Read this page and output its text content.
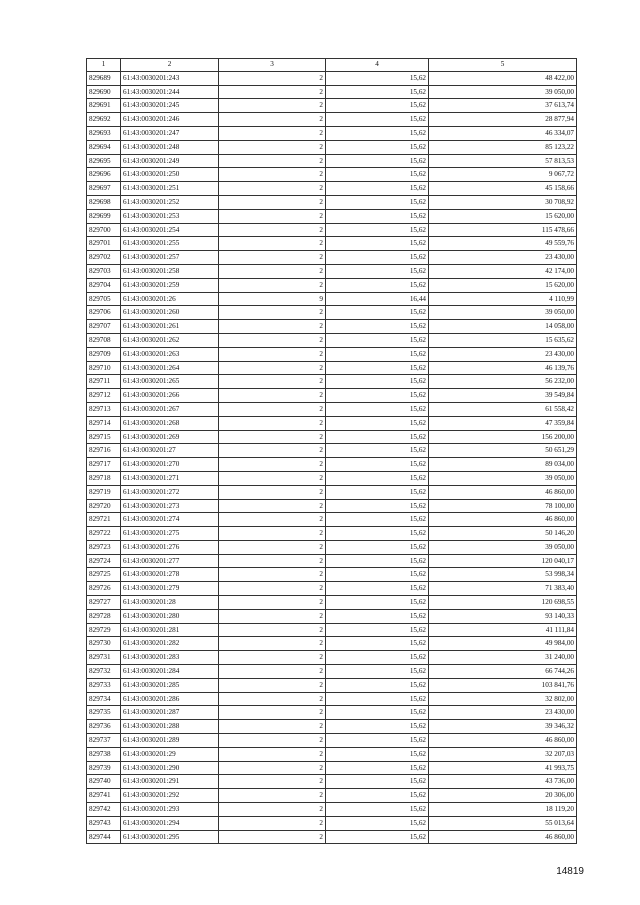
1	2	3	4	5
829689	61:43:0030201:243	2	15,62	48 422,00
829690	61:43:0030201:244	2	15,62	39 050,00
829691	61:43:0030201:245	2	15,62	37 613,74
829692	61:43:0030201:246	2	15,62	28 877,94
829693	61:43:0030201:247	2	15,62	46 334,07
829694	61:43:0030201:248	2	15,62	85 123,22
829695	61:43:0030201:249	2	15,62	57 813,53
829696	61:43:0030201:250	2	15,62	9 067,72
829697	61:43:0030201:251	2	15,62	45 158,66
829698	61:43:0030201:252	2	15,62	30 708,92
829699	61:43:0030201:253	2	15,62	15 620,00
829700	61:43:0030201:254	2	15,62	115 478,66
829701	61:43:0030201:255	2	15,62	49 559,76
829702	61:43:0030201:257	2	15,62	23 430,00
829703	61:43:0030201:258	2	15,62	42 174,00
829704	61:43:0030201:259	2	15,62	15 620,00
829705	61:43:0030201:26	9	16,44	4 110,99
829706	61:43:0030201:260	2	15,62	39 050,00
829707	61:43:0030201:261	2	15,62	14 058,00
829708	61:43:0030201:262	2	15,62	15 635,62
829709	61:43:0030201:263	2	15,62	23 430,00
829710	61:43:0030201:264	2	15,62	46 139,76
829711	61:43:0030201:265	2	15,62	56 232,00
829712	61:43:0030201:266	2	15,62	39 549,84
829713	61:43:0030201:267	2	15,62	61 558,42
829714	61:43:0030201:268	2	15,62	47 359,84
829715	61:43:0030201:269	2	15,62	156 200,00
829716	61:43:0030201:27	2	15,62	50 651,29
829717	61:43:0030201:270	2	15,62	89 034,00
829718	61:43:0030201:271	2	15,62	39 050,00
829719	61:43:0030201:272	2	15,62	46 860,00
829720	61:43:0030201:273	2	15,62	78 100,00
829721	61:43:0030201:274	2	15,62	46 860,00
829722	61:43:0030201:275	2	15,62	50 146,20
829723	61:43:0030201:276	2	15,62	39 050,00
829724	61:43:0030201:277	2	15,62	120 040,17
829725	61:43:0030201:278	2	15,62	53 998,34
829726	61:43:0030201:279	2	15,62	71 383,40
829727	61:43:0030201:28	2	15,62	120 698,55
829728	61:43:0030201:280	2	15,62	93 140,33
829729	61:43:0030201:281	2	15,62	41 111,84
829730	61:43:0030201:282	2	15,62	49 984,00
829731	61:43:0030201:283	2	15,62	31 240,00
829732	61:43:0030201:284	2	15,62	66 744,26
829733	61:43:0030201:285	2	15,62	103 841,76
829734	61:43:0030201:286	2	15,62	32 802,00
829735	61:43:0030201:287	2	15,62	23 430,00
829736	61:43:0030201:288	2	15,62	39 346,32
829737	61:43:0030201:289	2	15,62	46 860,00
829738	61:43:0030201:29	2	15,62	32 207,03
829739	61:43:0030201:290	2	15,62	41 993,75
829740	61:43:0030201:291	2	15,62	43 736,00
829741	61:43:0030201:292	2	15,62	20 306,00
829742	61:43:0030201:293	2	15,62	18 119,20
829743	61:43:0030201:294	2	15,62	55 013,64
829744	61:43:0030201:295	2	15,62	46 860,00
14819
